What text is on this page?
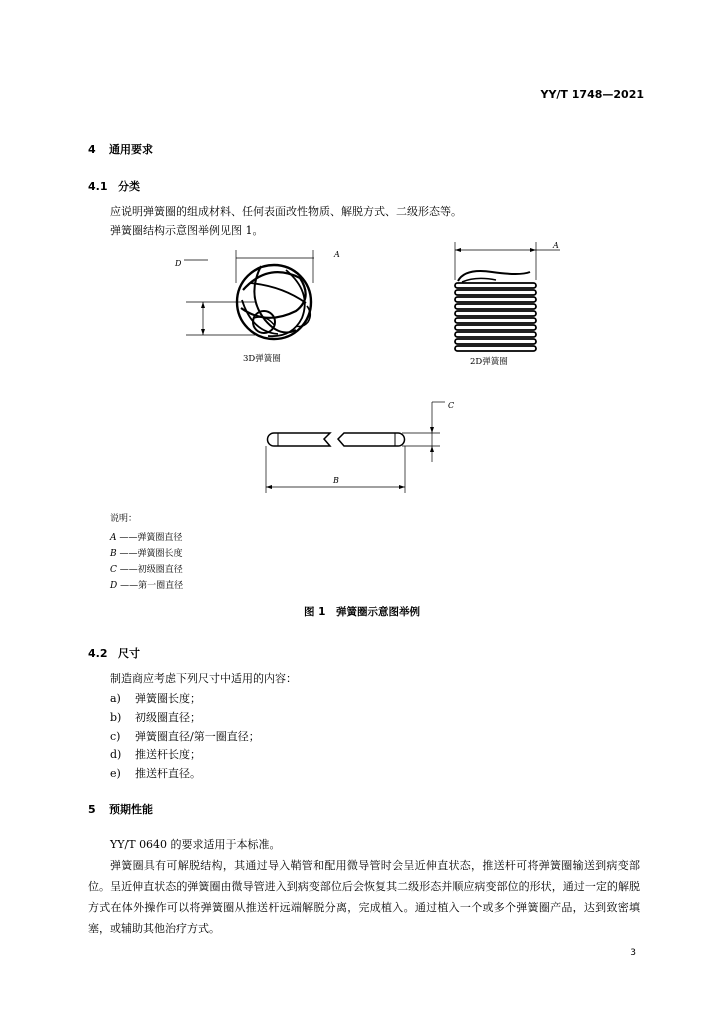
YY/T 1748—2021
4 通用要求
4.1 分类
应说明弹簧圈的组成材料、任何表面改性物质、解脱方式、二级形态等。
弹簧圈结构示意图举例见图 1。
3D弹簧圈	2D弹簧圈
D
A
A
C
B
说明：
A ——弹簧圈直径
B ——弹簧圈长度
C ——初级圈直径
D ——第一圈直径
图 1　弹簧圈示意图举例
4.2 尺寸
制造商应考虑下列尺寸中适用的内容：
a) 弹簧圈长度；
b) 初级圈直径；
c) 弹簧圈直径/第一圈直径；
d) 推送杆长度；
e) 推送杆直径。
5 预期性能

YY/T 0640 的要求适用于本标准。

弹簧圈具有可解脱结构，其通过导入鞘管和配用微导管时会呈近伸直状态，推送杆可将弹簧圈输送到病变部位。呈近伸直状态的弹簧圈由微导管进入到病变部位后会恢复其二级形态并顺应病变部位的形状，通过一定的解脱方式在体外操作可以将弹簧圈从推送杆远端解脱分离，完成植入。通过植入一个或多个弹簧圈产品，达到致密填塞，或辅助其他治疗方式。

3
